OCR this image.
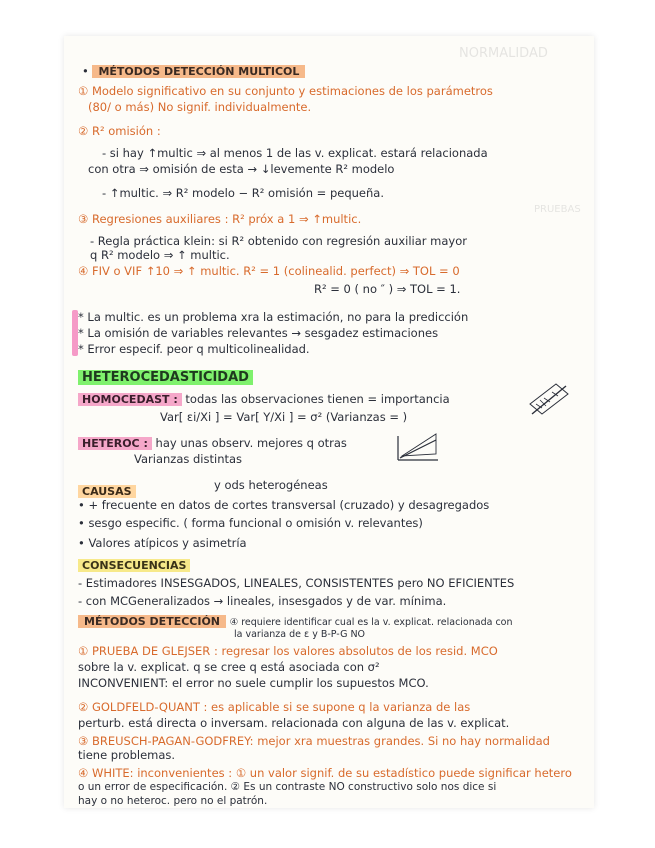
NORMALIDAD
PRUEBAS
• MÉTODOS DETECCIÓN MULTICOL
① Modelo significativo en su conjunto y estimaciones de los parámetros
(80/ o más) No signif. individualmente.
② R² omisión :
- si hay ↑multic ⇒ al menos 1 de las v. explicat. estará relacionada
con otra ⇒ omisión de esta → ↓levemente R² modelo
- ↑multic. ⇒ R² modelo − R² omisión = pequeña.
③ Regresiones auxiliares : R² próx a 1 ⇒ ↑multic.
- Regla práctica klein: si R² obtenido con regresión auxiliar mayor
q R² modelo ⇒ ↑ multic.
④ FIV o VIF ↑10 ⇒ ↑ multic. R² = 1 (colinealid. perfect) ⇒ TOL = 0
R² = 0 ( no ″ ) ⇒ TOL = 1.
* La multic. es un problema xra la estimación, no para la predicción
* La omisión de variables relevantes → sesgadez estimaciones
* Error especif. peor q multicolinealidad.
HETEROCEDASTICIDAD
HOMOCEDAST : todas las observaciones tienen = importancia
Var[ εi/Xi ] = Var[ Y/Xi ] = σ² (Varianzas = )
HETEROC : hay unas observ. mejores q otras
Varianzas distintas
y ods heterogéneas
CAUSAS
• + frecuente en datos de cortes transversal (cruzado) y desagregados
• sesgo especific. ( forma funcional o omisión v. relevantes)
• Valores atípicos y asimetría
CONSECUENCIAS
- Estimadores INSESGADOS, LINEALES, CONSISTENTES pero NO EFICIENTES
- con MCGeneralizados → lineales, insesgados y de var. mínima.
MÉTODOS DETECCIÓN ④ requiere identificar cual es la v. explicat. relacionada con
la varianza de ε y B-P-G NO
① PRUEBA DE GLEJSER : regresar los valores absolutos de los resid. MCO
sobre la v. explicat. q se cree q está asociada con σ²
INCONVENIENT: el error no suele cumplir los supuestos MCO.
② GOLDFELD-QUANT : es aplicable si se supone q la varianza de las
perturb. está directa o inversam. relacionada con alguna de las v. explicat.
③ BREUSCH-PAGAN-GODFREY: mejor xra muestras grandes. Si no hay normalidad
tiene problemas.
④ WHITE: inconvenientes : ① un valor signif. de su estadístico puede significar hetero
o un error de especificación. ② Es un contraste NO constructivo solo nos dice si
hay o no heteroc. pero no el patrón.
